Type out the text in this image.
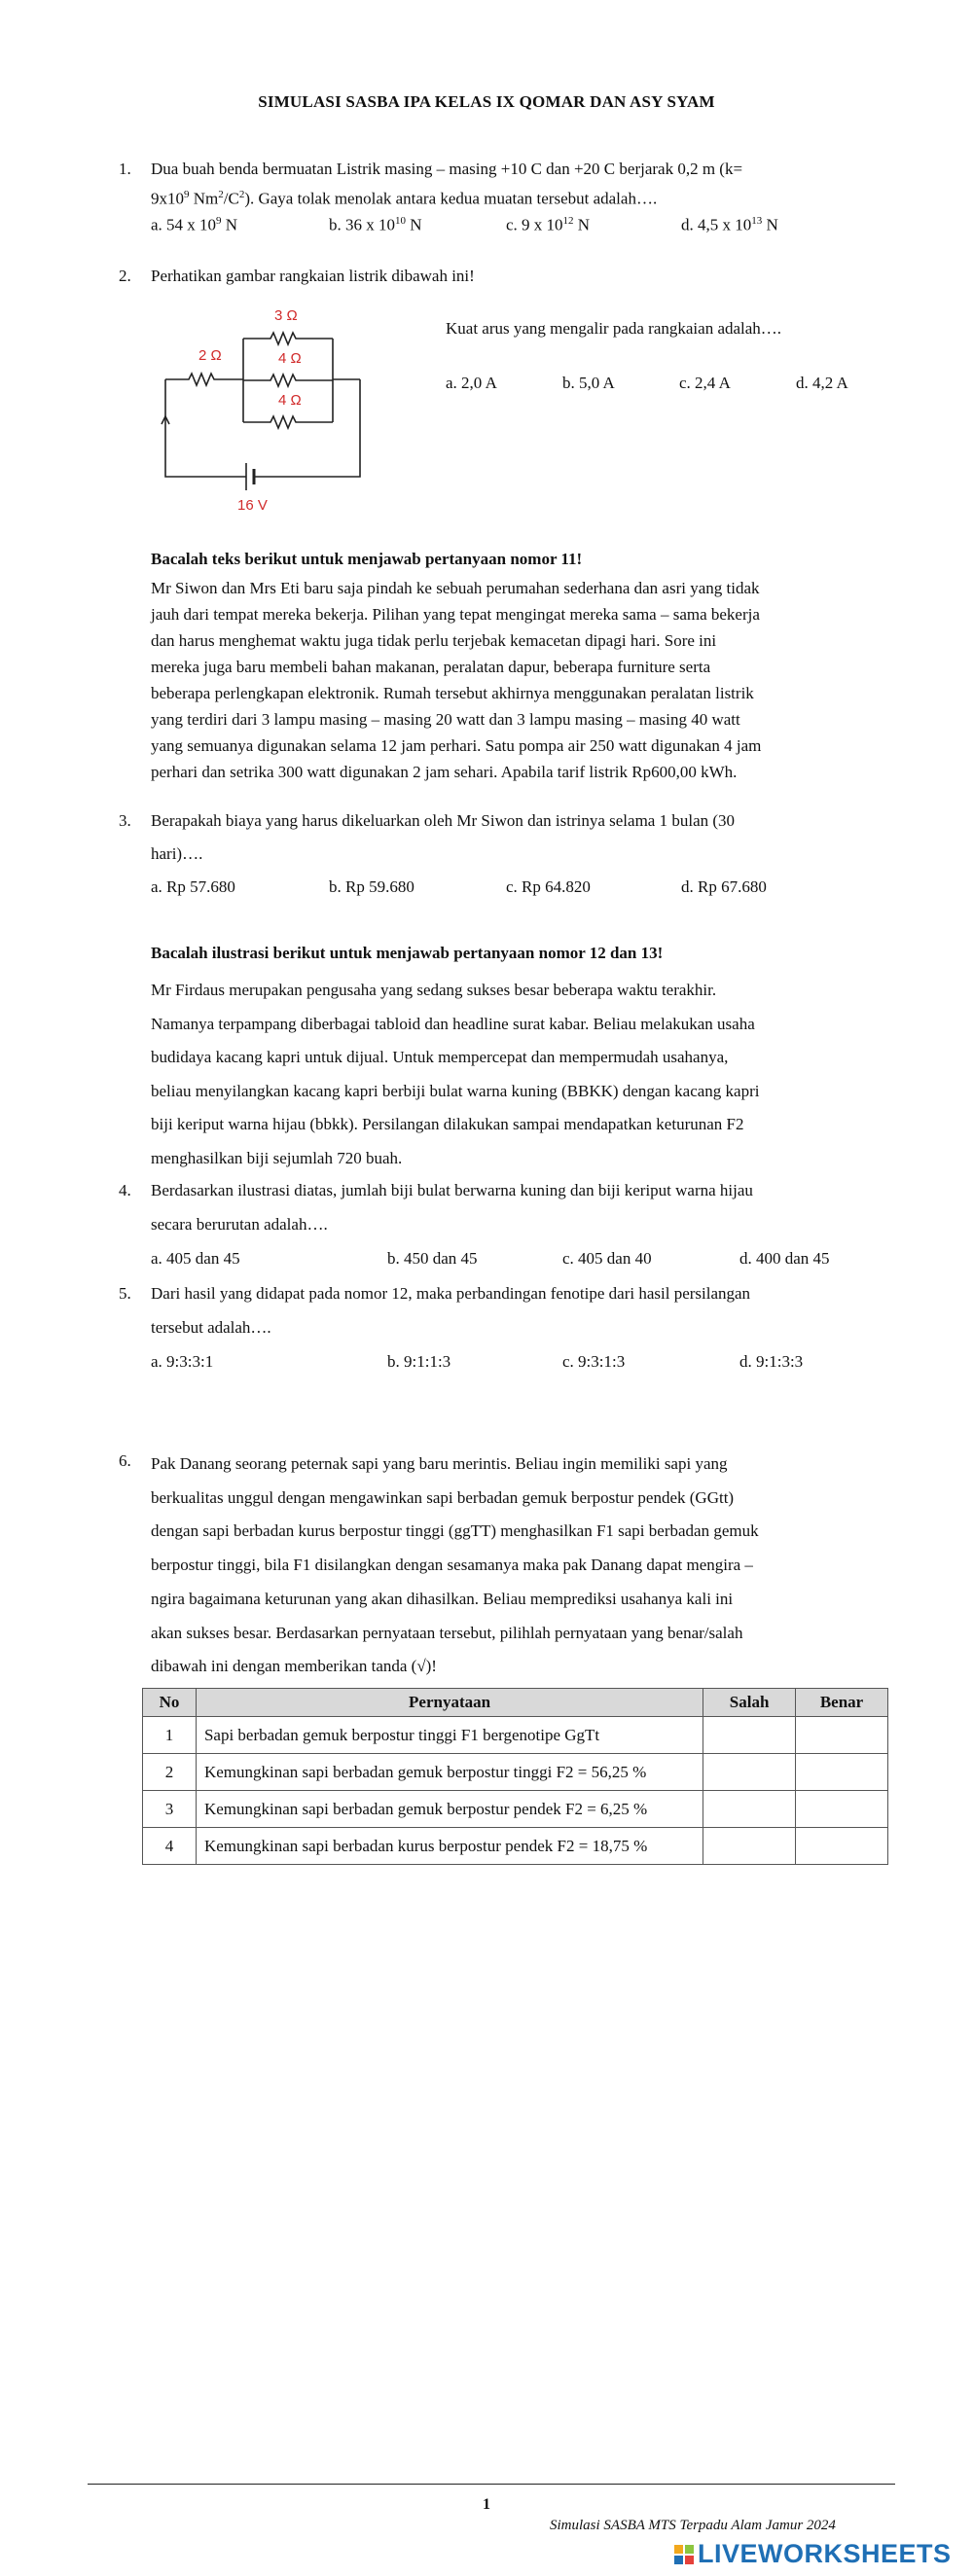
SIMULASI SASBA IPA KELAS IX QOMAR DAN ASY SYAM
1. Dua buah benda bermuatan Listrik masing – masing +10 C dan +20 C berjarak 0,2 m (k=
$9x10^9$ $Nm^2/C^2$). Gaya tolak menolak antara kedua muatan tersebut adalah….
a. 54 x $10^9$ N	b. 36 x $10^{10}$ N	c. 9 x $10^{12}$ N	d. 4,5 x $10^{13}$ N
2. Perhatikan gambar rangkaian listrik dibawah ini!
Kuat arus yang mengalir pada rangkaian adalah….
a. 2,0 A	b. 5,0 A	c. 2,4 A	d. 4,2 A
2 Ω
3 Ω
4 Ω
4 Ω
16 V
Bacalah teks berikut untuk menjawab pertanyaan nomor 11!
Mr Siwon dan Mrs Eti baru saja pindah ke sebuah perumahan sederhana dan asri yang tidak
jauh dari tempat mereka bekerja. Pilihan yang tepat mengingat mereka sama – sama bekerja
dan harus menghemat waktu juga tidak perlu terjebak kemacetan dipagi hari. Sore ini
mereka juga baru membeli bahan makanan, peralatan dapur, beberapa furniture serta
beberapa perlengkapan elektronik. Rumah tersebut akhirnya menggunakan peralatan listrik
yang terdiri dari 3 lampu masing – masing 20 watt dan 3 lampu masing – masing 40 watt
yang semuanya digunakan selama 12 jam perhari. Satu pompa air 250 watt digunakan 4 jam
perhari dan setrika 300 watt digunakan 2 jam sehari. Apabila tarif listrik Rp600,00 kWh.
3. Berapakah biaya yang harus dikeluarkan oleh Mr Siwon dan istrinya selama 1 bulan (30
hari)….
a. Rp 57.680	b. Rp 59.680	c. Rp 64.820	d. Rp 67.680
Bacalah ilustrasi berikut untuk menjawab pertanyaan nomor 12 dan 13!
Mr Firdaus merupakan pengusaha yang sedang sukses besar beberapa waktu terakhir.
Namanya terpampang diberbagai tabloid dan headline surat kabar. Beliau melakukan usaha
budidaya kacang kapri untuk dijual. Untuk mempercepat dan mempermudah usahanya,
beliau menyilangkan kacang kapri berbiji bulat warna kuning (BBKK) dengan kacang kapri
biji keriput warna hijau (bbkk). Persilangan dilakukan sampai mendapatkan keturunan F2
menghasilkan biji sejumlah 720 buah.
4. Berdasarkan ilustrasi diatas, jumlah biji bulat berwarna kuning dan biji keriput warna hijau
secara berurutan adalah….
a. 405 dan 45	b. 450 dan 45	c. 405 dan 40	d. 400 dan 45
5. Dari hasil yang didapat pada nomor 12, maka perbandingan fenotipe dari hasil persilangan
tersebut adalah….
a. 9:3:3:1	b. 9:1:1:3	c. 9:3:1:3	d. 9:1:3:3
6. Pak Danang seorang peternak sapi yang baru merintis. Beliau ingin memiliki sapi yang
berkualitas unggul dengan mengawinkan sapi berbadan gemuk berpostur pendek (GGtt)
dengan sapi berbadan kurus berpostur tinggi (ggTT) menghasilkan F1 sapi berbadan gemuk
berpostur tinggi, bila F1 disilangkan dengan sesamanya maka pak Danang dapat mengira –
ngira bagaimana keturunan yang akan dihasilkan. Beliau memprediksi usahanya kali ini
akan sukses besar. Berdasarkan pernyataan tersebut, pilihlah pernyataan yang benar/salah
dibawah ini dengan memberikan tanda (√)!
No	Pernyataan	Salah	Benar
1	Sapi berbadan gemuk berpostur tinggi F1 bergenotipe GgTt		
2	Kemungkinan sapi berbadan gemuk berpostur tinggi F2 = 56,25 %		
3	Kemungkinan sapi berbadan gemuk berpostur pendek F2 = 6,25 %		
4	Kemungkinan sapi berbadan kurus berpostur pendek F2 = 18,75 %		
1
Simulasi SASBA MTS Terpadu Alam Jamur 2024
LIVEWORKSHEETS
